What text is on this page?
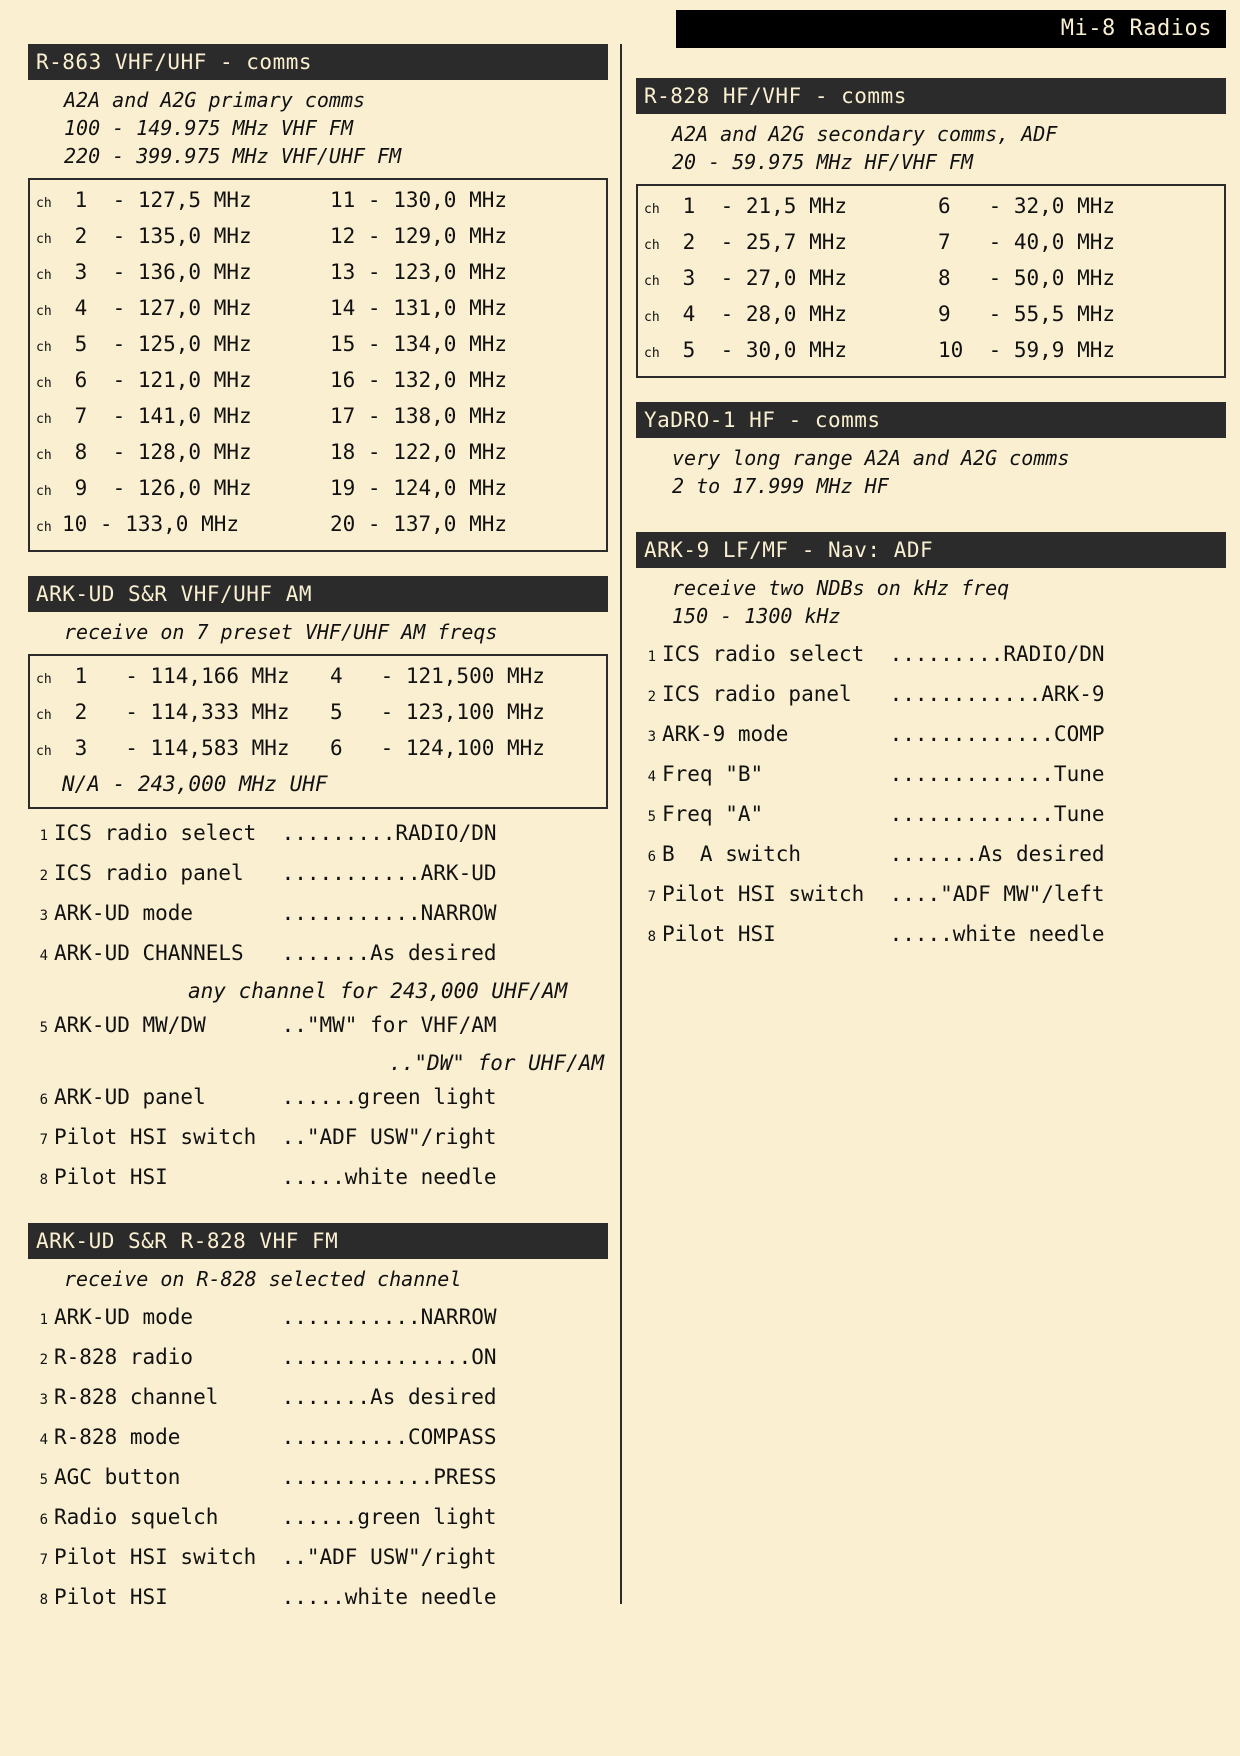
Mi-8 Radios
R-863 VHF/UHF - comms
A2A and A2G primary comms
100 - 149.975 MHz VHF FM
220 - 399.975 MHz VHF/UHF FM
ch 1  - 127,5 MHz	11 - 130,0 MHz
ch 2  - 135,0 MHz	12 - 129,0 MHz
ch 3  - 136,0 MHz	13 - 123,0 MHz
ch 4  - 127,0 MHz	14 - 131,0 MHz
ch 5  - 125,0 MHz	15 - 134,0 MHz
ch 6  - 121,0 MHz	16 - 132,0 MHz
ch 7  - 141,0 MHz	17 - 138,0 MHz
ch 8  - 128,0 MHz	18 - 122,0 MHz
ch 9  - 126,0 MHz	19 - 124,0 MHz
ch 10 - 133,0 MHz	20 - 137,0 MHz
ARK-UD S&R VHF/UHF AM
receive on 7 preset VHF/UHF AM freqs
ch 1   - 114,166 MHz	4   - 121,500 MHz
ch 2   - 114,333 MHz	5   - 123,100 MHz
ch 3   - 114,583 MHz	6   - 124,100 MHz
N/A - 243,000 MHz UHF
1 ICS radio select  .........RADIO/DN
2 ICS radio panel   ...........ARK-UD
3 ARK-UD mode       ...........NARROW
4 ARK-UD CHANNELS   .......As desired
any channel for 243,000 UHF/AM
5 ARK-UD MW/DW      .."MW" for VHF/AM
.."DW" for UHF/AM
6 ARK-UD panel      ......green light
7 Pilot HSI switch  .."ADF USW"/right
8 Pilot HSI         .....white needle
ARK-UD S&R R-828 VHF FM
receive on R-828 selected channel
1 ARK-UD mode       ...........NARROW
2 R-828 radio       ...............ON
3 R-828 channel     .......As desired
4 R-828 mode        ..........COMPASS
5 AGC button        ............PRESS
6 Radio squelch     ......green light
7 Pilot HSI switch  .."ADF USW"/right
8 Pilot HSI         .....white needle
R-828 HF/VHF - comms
A2A and A2G secondary comms, ADF
20 - 59.975 MHz HF/VHF FM
ch 1  - 21,5 MHz	6   - 32,0 MHz
ch 2  - 25,7 MHz	7   - 40,0 MHz
ch 3  - 27,0 MHz	8   - 50,0 MHz
ch 4  - 28,0 MHz	9   - 55,5 MHz
ch 5  - 30,0 MHz	10  - 59,9 MHz
YaDRO-1 HF - comms
very long range A2A and A2G comms
2 to 17.999 MHz HF
ARK-9 LF/MF - Nav: ADF
receive two NDBs on kHz freq
150 - 1300 kHz
1 ICS radio select  .........RADIO/DN
2 ICS radio panel   ............ARK-9
3 ARK-9 mode        .............COMP
4 Freq "B"          .............Tune
5 Freq "A"          .............Tune
6 B  A switch       .......As desired
7 Pilot HSI switch  ...."ADF MW"/left
8 Pilot HSI         .....white needle
